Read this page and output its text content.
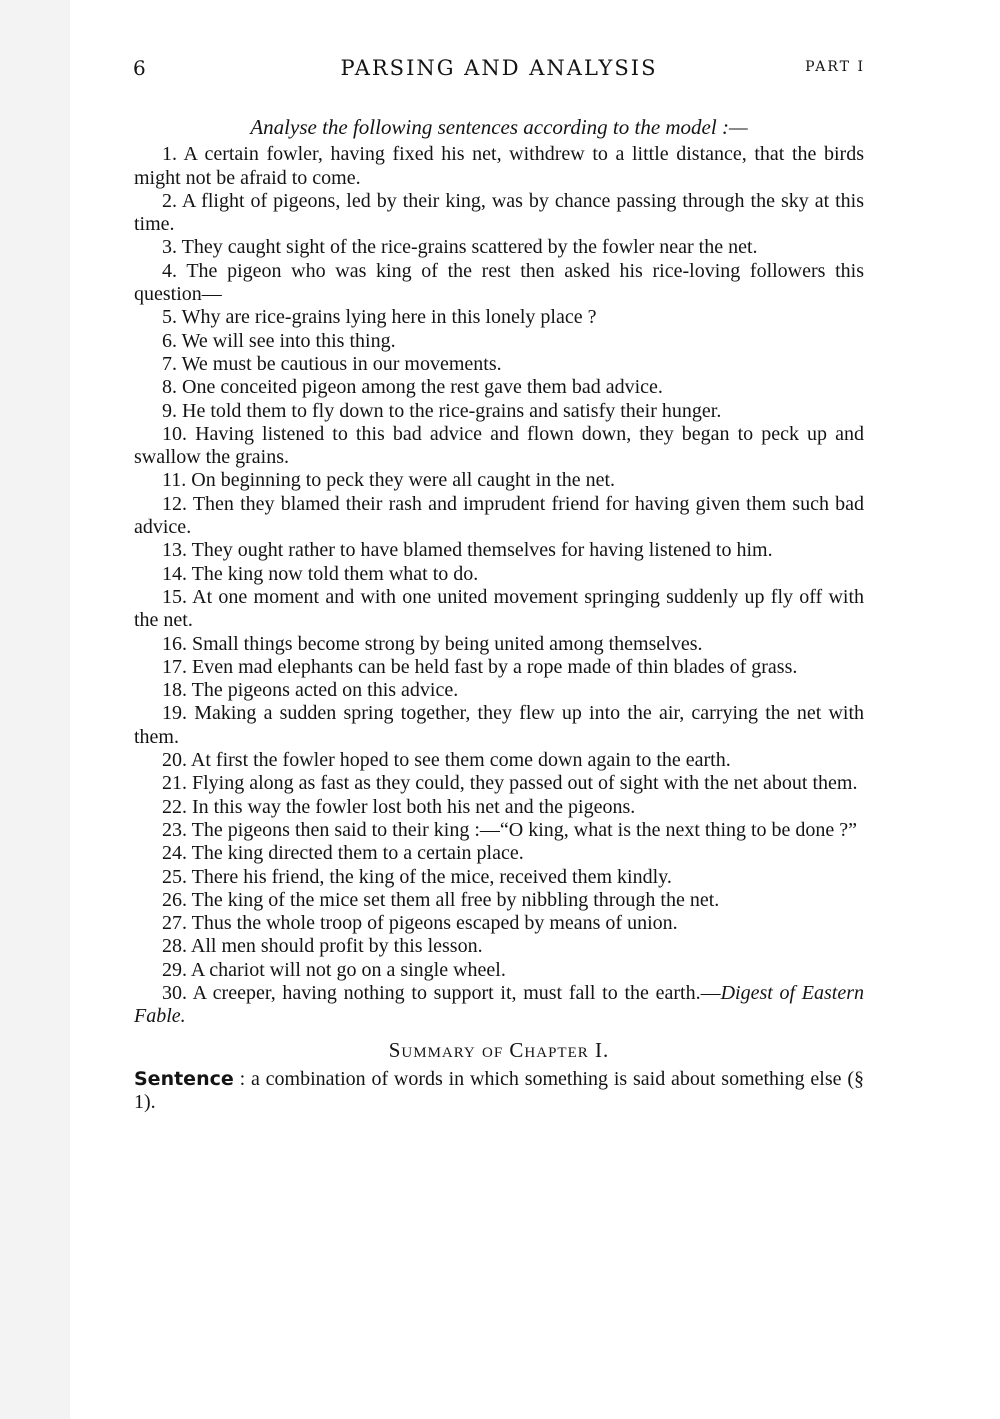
6	PARSING AND ANALYSIS	PART I

Analyse the following sentences according to the model :—

1. A certain fowler, having fixed his net, withdrew to a little distance, that the birds might not be afraid to come.
2. A flight of pigeons, led by their king, was by chance passing through the sky at this time.
3. They caught sight of the rice-grains scattered by the fowler near the net.
4. The pigeon who was king of the rest then asked his rice-loving followers this question—
5. Why are rice-grains lying here in this lonely place ?
6. We will see into this thing.
7. We must be cautious in our movements.
8. One conceited pigeon among the rest gave them bad advice.
9. He told them to fly down to the rice-grains and satisfy their hunger.
10. Having listened to this bad advice and flown down, they began to peck up and swallow the grains.
11. On beginning to peck they were all caught in the net.
12. Then they blamed their rash and imprudent friend for having given them such bad advice.
13. They ought rather to have blamed themselves for having listened to him.
14. The king now told them what to do.
15. At one moment and with one united movement springing suddenly up fly off with the net.
16. Small things become strong by being united among themselves.
17. Even mad elephants can be held fast by a rope made of thin blades of grass.
18. The pigeons acted on this advice.
19. Making a sudden spring together, they flew up into the air, carrying the net with them.
20. At first the fowler hoped to see them come down again to the earth.
21. Flying along as fast as they could, they passed out of sight with the net about them.
22. In this way the fowler lost both his net and the pigeons.
23. The pigeons then said to their king :—“O king, what is the next thing to be done ?”
24. The king directed them to a certain place.
25. There his friend, the king of the mice, received them kindly.
26. The king of the mice set them all free by nibbling through the net.
27. Thus the whole troop of pigeons escaped by means of union.
28. All men should profit by this lesson.
29. A chariot will not go on a single wheel.
30. A creeper, having nothing to support it, must fall to the earth.—Digest of Eastern Fable.
Summary of Chapter I.

Sentence : a combination of words in which something is said about something else (§ 1).
